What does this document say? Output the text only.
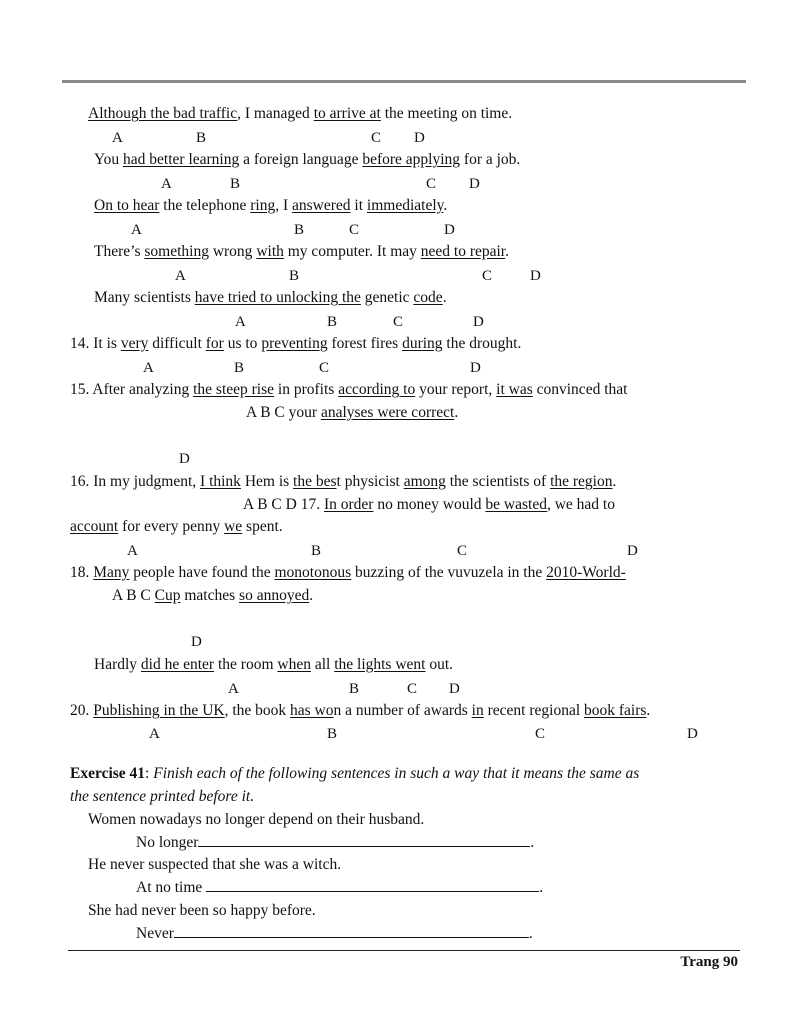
Although the bad traffic, I managed to arrive at the meeting on time.
A	B	C D
You had better learning a foreign language before applying for a job.
A	B	C D
On to hear the telephone ring, I answered it immediately.
A	B	C	D
There’s something wrong with my computer. It may need to repair.
A	B	C	D
Many scientists have tried to unlocking the genetic code.
A	B	C	D
14. It is very difficult for us to preventing forest fires during the drought.
A	B	C	D
15. After analyzing the steep rise in profits according to your report, it was convinced that
A B C your analyses were correct.
D
16. In my judgment, I think Hem is the best physicist among the scientists of the region.
A B C D 17. In order no money would be wasted, we had to
account for every penny we spent.
A	B	C	D
18. Many people have found the monotonous buzzing of the vuvuzela in the 2010-World-
A B C Cup matches so annoyed.
D
Hardly did he enter the room when all the lights went out.
A	B	C D
20. Publishing in the UK, the book has won a number of awards in recent regional book fairs.
A	B	C	D
Exercise 41: Finish each of the following sentences in such a way that it means the same as
the sentence printed before it.
Women nowadays no longer depend on their husband.
No longer	.
He never suspected that she was a witch.
At no time	.
She had never been so happy before.
Never	.
Trang 90
